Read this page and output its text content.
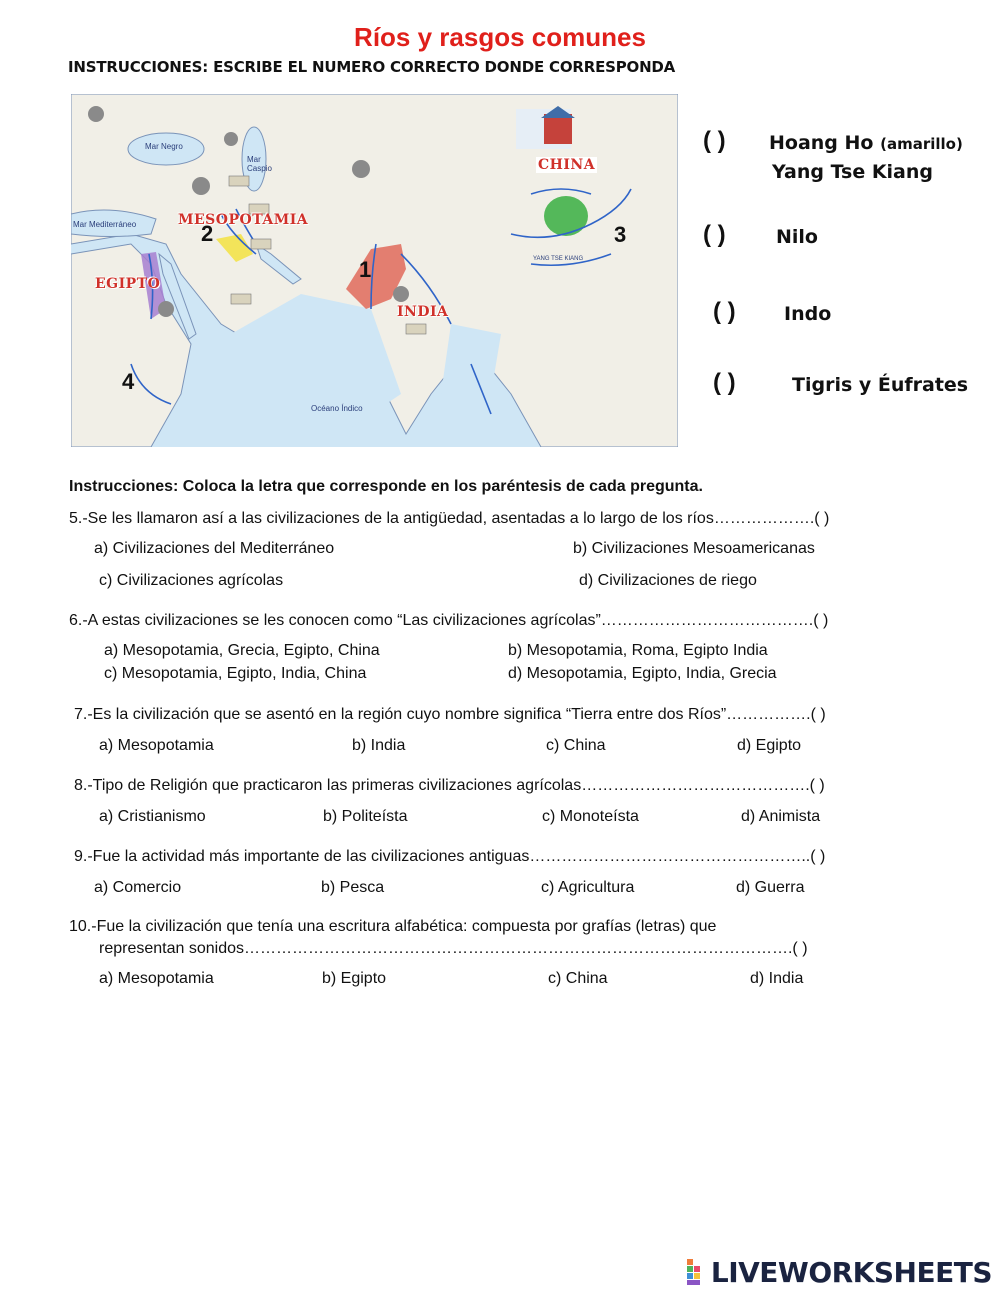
Ríos y rasgos comunes
INSTRUCCIONES: ESCRIBE EL NUMERO CORRECTO DONDE CORRESPONDA
Mar Negro
Mar Caspio
Mar Mediterráneo
Océano Índico
YANG TSE KIANG
MESOPOTAMIA
EGIPTO
INDIA
CHINA
1
2	3
4
( ) Hoang Ho (amarillo)
Yang Tse Kiang
( )	Nilo
( )	Indo
( )	Tigris y Éufrates
Instrucciones: Coloca la letra que corresponde en los paréntesis de cada pregunta.
5.-Se les llamaron así a las civilizaciones de la antigüedad, asentadas a lo largo de los ríos……………….( )
a) Civilizaciones del Mediterráneo	b) Civilizaciones Mesoamericanas
c) Civilizaciones agrícolas	d) Civilizaciones de riego
6.-A estas civilizaciones se les conocen como “Las civilizaciones agrícolas”………………………………….( )
a) Mesopotamia, Grecia, Egipto, China	b) Mesopotamia, Roma, Egipto India
c) Mesopotamia, Egipto, India, China	d) Mesopotamia, Egipto, India, Grecia
7.-Es la civilización que se asentó en la región cuyo nombre significa “Tierra entre dos Ríos”…………….( )
a) Mesopotamia	b) India	c) China	d) Egipto
8.-Tipo de Religión que practicaron las primeras civilizaciones agrícolas…………………………………….( )
a) Cristianismo	b) Politeísta	c) Monoteísta	d) Animista
9.-Fue la actividad más importante de las civilizaciones antiguas……………………………………………..( )
a) Comercio	b) Pesca	c) Agricultura	d) Guerra
10.-Fue la civilización que tenía una escritura alfabética: compuesta por grafías (letras) que
representan sonidos………………………………………………………………………………………….( )
a) Mesopotamia	b) Egipto	c) China	d) India
LIVEWORKSHEETS
